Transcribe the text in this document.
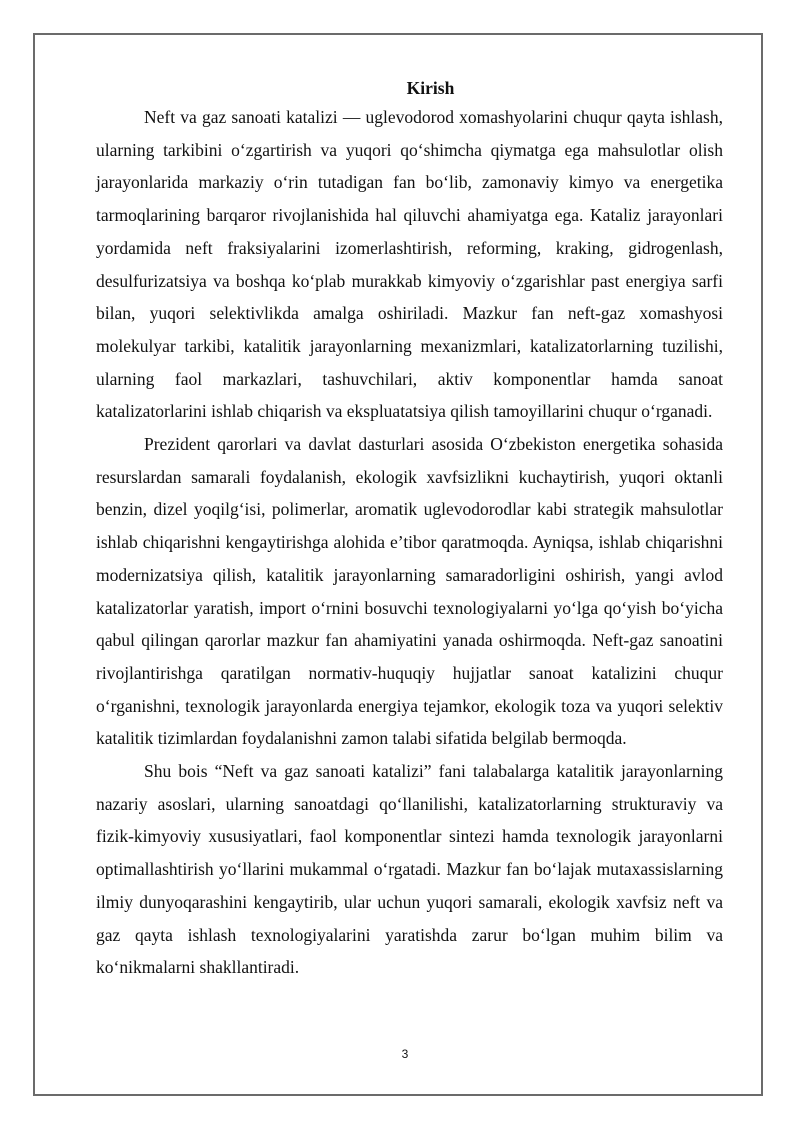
Kirish

Neft va gaz sanoati katalizi — uglevodorod xomashyolarini chuqur qayta ishlash, ularning tarkibini o‘zgartirish va yuqori qo‘shimcha qiymatga ega mahsulotlar olish jarayonlarida markaziy o‘rin tutadigan fan bo‘lib, zamonaviy kimyo va energetika tarmoqlarining barqaror rivojlanishida hal qiluvchi ahamiyatga ega. Kataliz jarayonlari yordamida neft fraksiyalarini izomerlashtirish, reforming, kraking, gidrogenlash, desulfurizatsiya va boshqa ko‘plab murakkab kimyoviy o‘zgarishlar past energiya sarfi bilan, yuqori selektivlikda amalga oshiriladi. Mazkur fan neft-gaz xomashyosi molekulyar tarkibi, katalitik jarayonlarning mexanizmlari, katalizatorlarning tuzilishi, ularning faol markazlari, tashuvchilari, aktiv komponentlar hamda sanoat katalizatorlarini ishlab chiqarish va ekspluatatsiya qilish tamoyillarini chuqur o‘rganadi.

Prezident qarorlari va davlat dasturlari asosida O‘zbekiston energetika sohasida resurslardan samarali foydalanish, ekologik xavfsizlikni kuchaytirish, yuqori oktanli benzin, dizel yoqilg‘isi, polimerlar, aromatik uglevodorodlar kabi strategik mahsulotlar ishlab chiqarishni kengaytirishga alohida e’tibor qaratmoqda. Ayniqsa, ishlab chiqarishni modernizatsiya qilish, katalitik jarayonlarning samaradorligini oshirish, yangi avlod katalizatorlar yaratish, import o‘rnini bosuvchi texnologiyalarni yo‘lga qo‘yish bo‘yicha qabul qilingan qarorlar mazkur fan ahamiyatini yanada oshirmoqda. Neft-gaz sanoatini rivojlantirishga qaratilgan normativ-huquqiy hujjatlar sanoat katalizini chuqur o‘rganishni, texnologik jarayonlarda energiya tejamkor, ekologik toza va yuqori selektiv katalitik tizimlardan foydalanishni zamon talabi sifatida belgilab bermoqda.

Shu bois “Neft va gaz sanoati katalizi” fani talabalarga katalitik jarayonlarning nazariy asoslari, ularning sanoatdagi qo‘llanilishi, katalizatorlarning strukturaviy va fizik-kimyoviy xususiyatlari, faol komponentlar sintezi hamda texnologik jarayonlarni optimallashtirish yo‘llarini mukammal o‘rgatadi. Mazkur fan bo‘lajak mutaxassislarning ilmiy dunyoqarashini kengaytirib, ular uchun yuqori samarali, ekologik xavfsiz neft va gaz qayta ishlash texnologiyalarini yaratishda zarur bo‘lgan muhim bilim va ko‘nikmalarni shakllantiradi.

3
